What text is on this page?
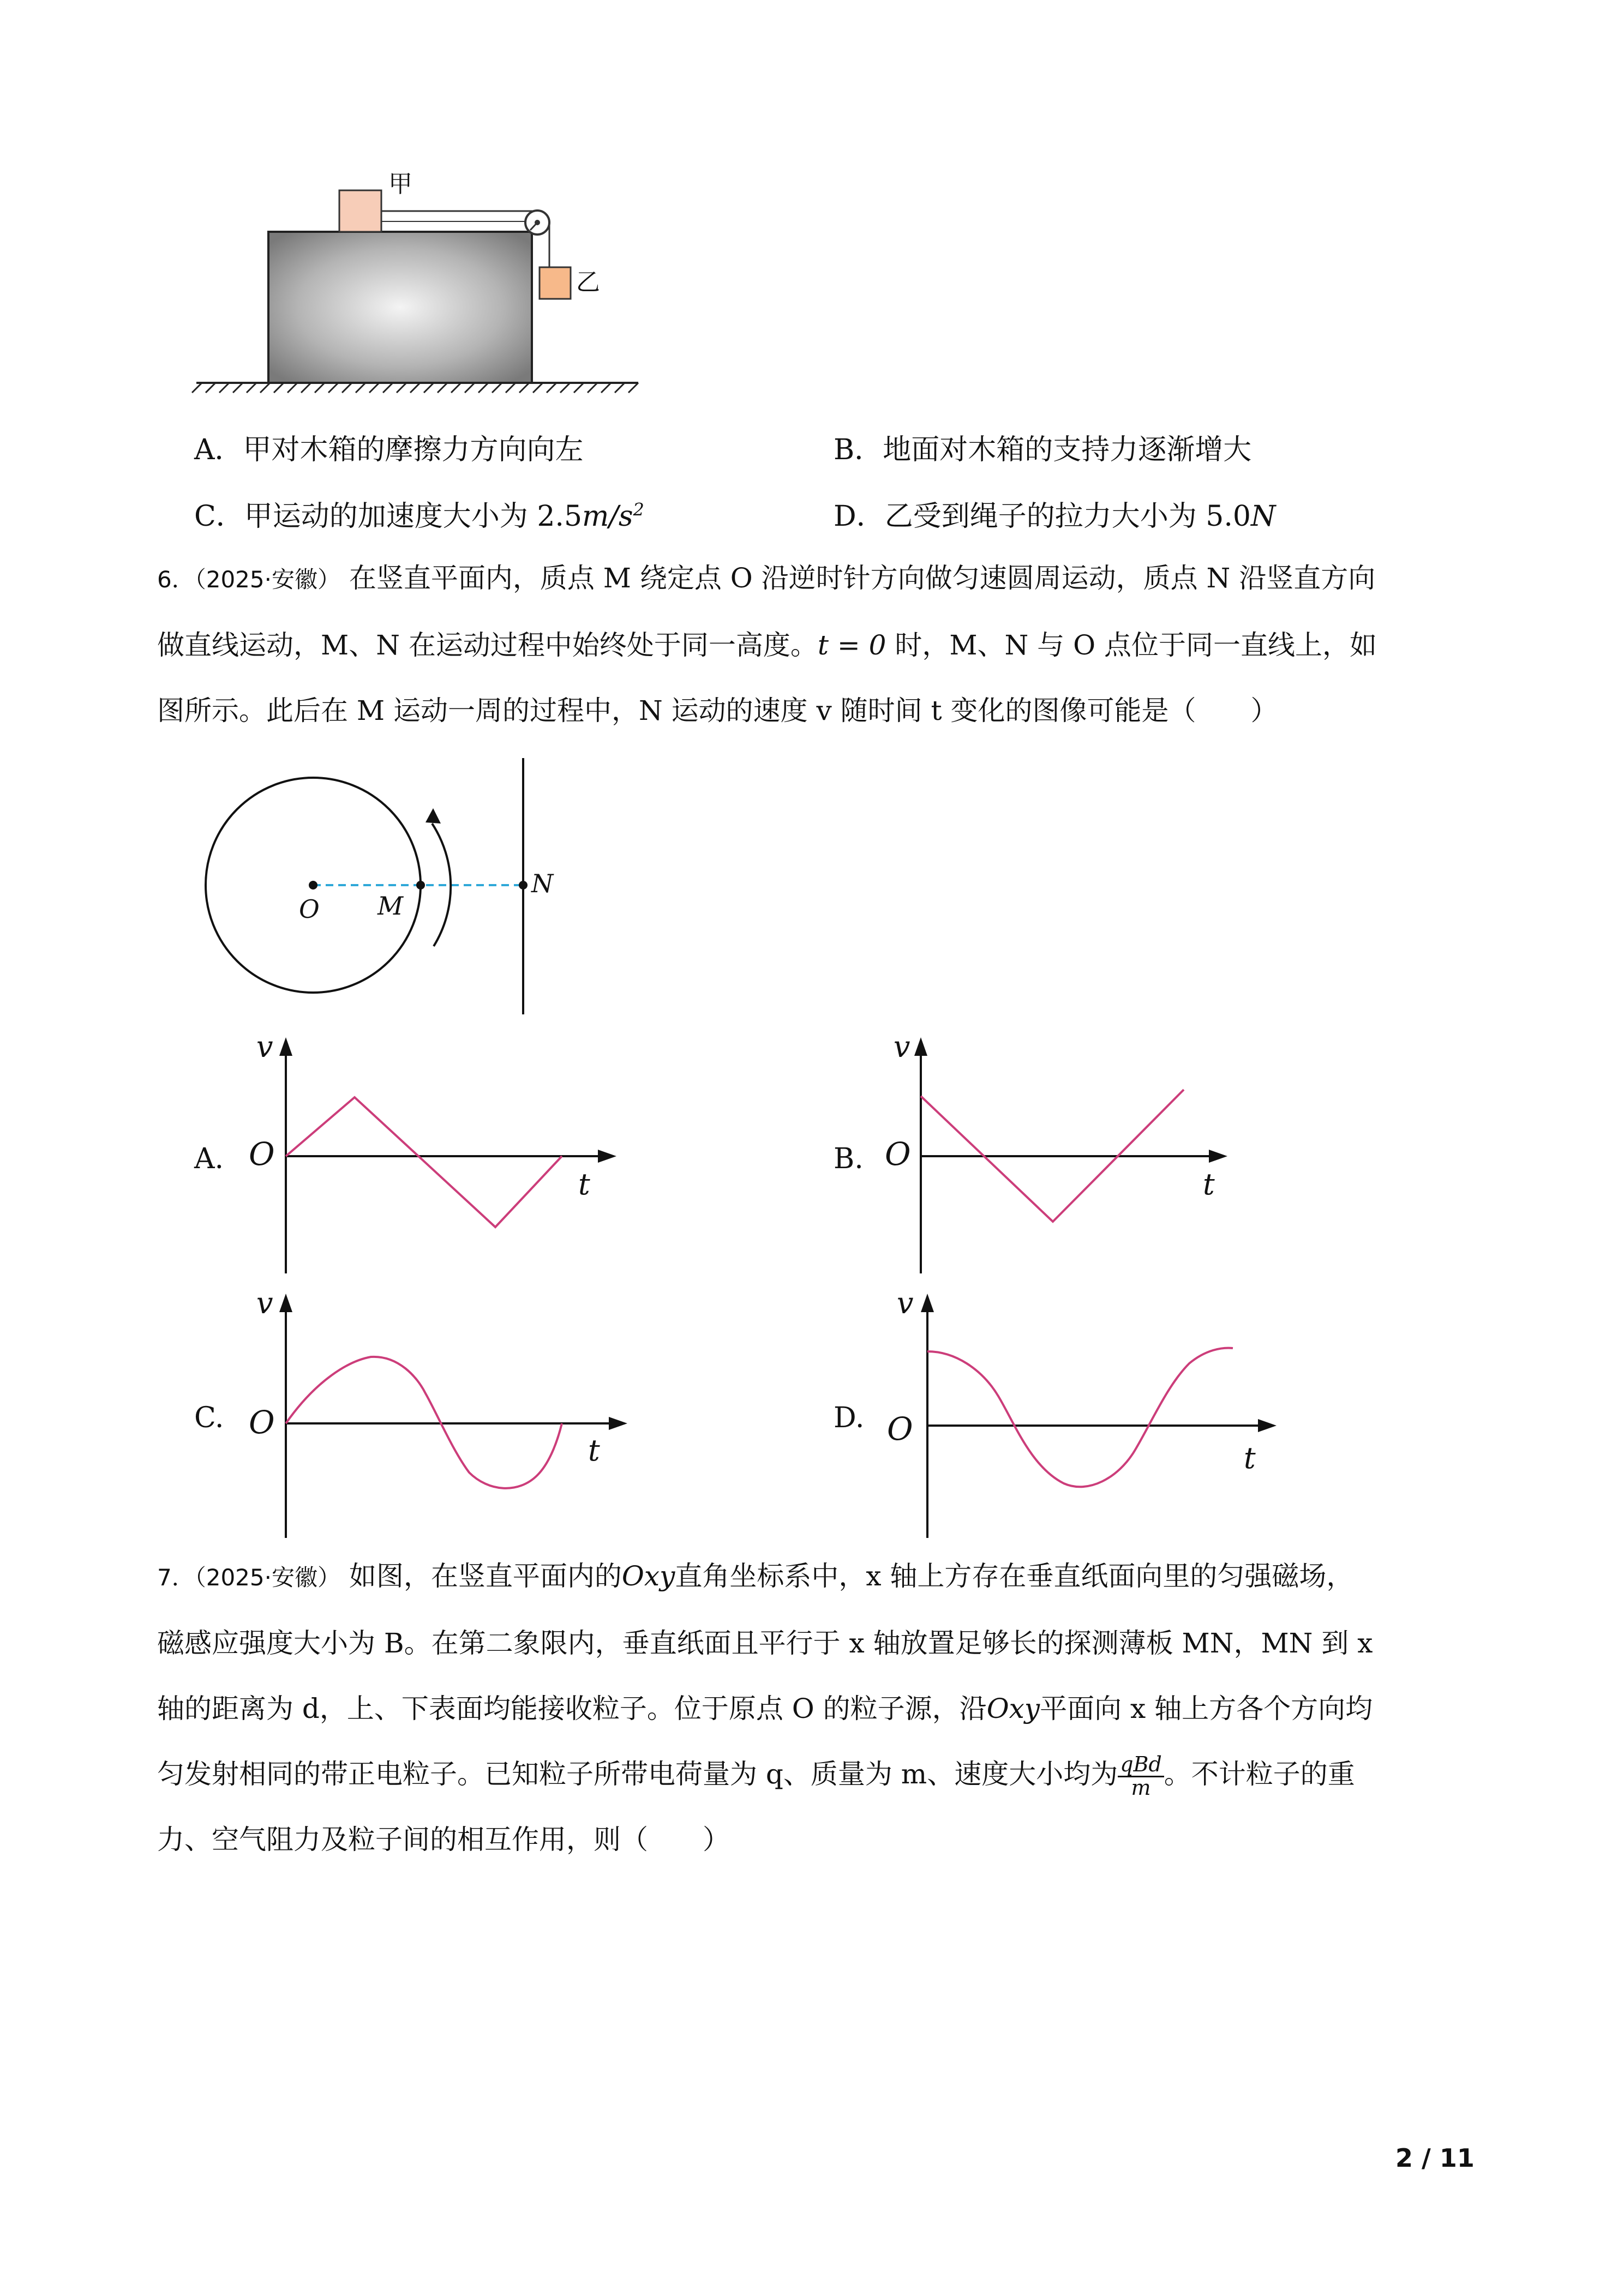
甲
乙
A．甲对木箱的摩擦力方向向左	B．地面对木箱的支持力逐渐增大
C．甲运动的加速度大小为 $2.5m/s^2$	D．乙受到绳子的拉力大小为 5.0N
6．（2025·安徽） 在竖直平面内，质点 M 绕定点 O 沿逆时针方向做匀速圆周运动，质点 N 沿竖直方向
做直线运动，M、N 在运动过程中始终处于同一高度。t = 0 时，M、N 与 O 点位于同一直线上，如
图所示。此后在 M 运动一周的过程中，N 运动的速度 v 随时间 t 变化的图像可能是（　　）
O M
N
A.
v
O
t
B.
v
O
t
C.
v
O
t
D.
v
O
t
7．（2025·安徽） 如图，在竖直平面内的Oxy直角坐标系中，x 轴上方存在垂直纸面向里的匀强磁场，
磁感应强度大小为 B。在第二象限内，垂直纸面且平行于 x 轴放置足够长的探测薄板 MN，MN 到 x
轴的距离为 d，上、下表面均能接收粒子。位于原点 O 的粒子源，沿Oxy平面向 x 轴上方各个方向均
匀发射相同的带正电粒子。已知粒子所带电荷量为 q、质量为 m、速度大小均为 $\frac{\text{qBd}}{m}$ 。不计粒子的重
力、空气阻力及粒子间的相互作用，则（　　）
2 / 11
